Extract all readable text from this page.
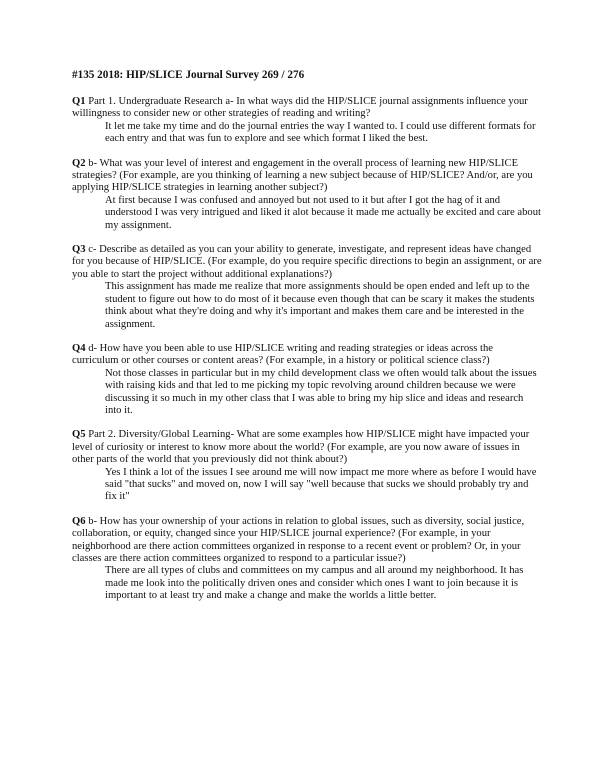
#135 2018: HIP/SLICE Journal Survey 269 / 276

Q1 Part 1. Undergraduate Research a- In what ways did the HIP/SLICE journal assignments influence your willingness to consider new or other strategies of reading and writing?

It let me take my time and do the journal entries the way I wanted to. I could use different formats for each entry and that was fun to explore and see which format I liked the best.

Q2 b- What was your level of interest and engagement in the overall process of learning new HIP/SLICE strategies? (For example, are you thinking of learning a new subject because of HIP/SLICE? And/or, are you applying HIP/SLICE strategies in learning another subject?)

At first because I was confused and annoyed but not used to it but after I got the hag of it and understood I was very intrigued and liked it alot because it made me actually be excited and care about my assignment.

Q3 c- Describe as detailed as you can your ability to generate, investigate, and represent ideas have changed for you because of HIP/SLICE. (For example, do you require specific directions to begin an assignment, or are you able to start the project without additional explanations?)

This assignment has made me realize that more assignments should be open ended and left up to the student to figure out how to do most of it because even though that can be scary it makes the students think about what they're doing and why it's important and makes them care and be interested in the assignment.

Q4 d- How have you been able to use HIP/SLICE writing and reading strategies or ideas across the curriculum or other courses or content areas? (For example, in a history or political science class?)

Not those classes in particular but in my child development class we often would talk about the issues with raising kids and that led to me picking my topic revolving around children because we were discussing it so much in my other class that I was able to bring my hip slice and ideas and research into it.

Q5 Part 2. Diversity/Global Learning- What are some examples how HIP/SLICE might have impacted your level of curiosity or interest to know more about the world? (For example, are you now aware of issues in other parts of the world that you previously did not think about?)

Yes I think a lot of the issues I see around me will now impact me more where as before I would have said "that sucks" and moved on, now I will say "well because that sucks we should probably try and fix it"

Q6 b- How has your ownership of your actions in relation to global issues, such as diversity, social justice, collaboration, or equity, changed since your HIP/SLICE journal experience? (For example, in your neighborhood are there action committees organized in response to a recent event or problem? Or, in your classes are there action committees organized to respond to a particular issue?)

There are all types of clubs and committees on my campus and all around my neighborhood. It has made me look into the politically driven ones and consider which ones I want to join because it is important to at least try and make a change and make the worlds a little better.
